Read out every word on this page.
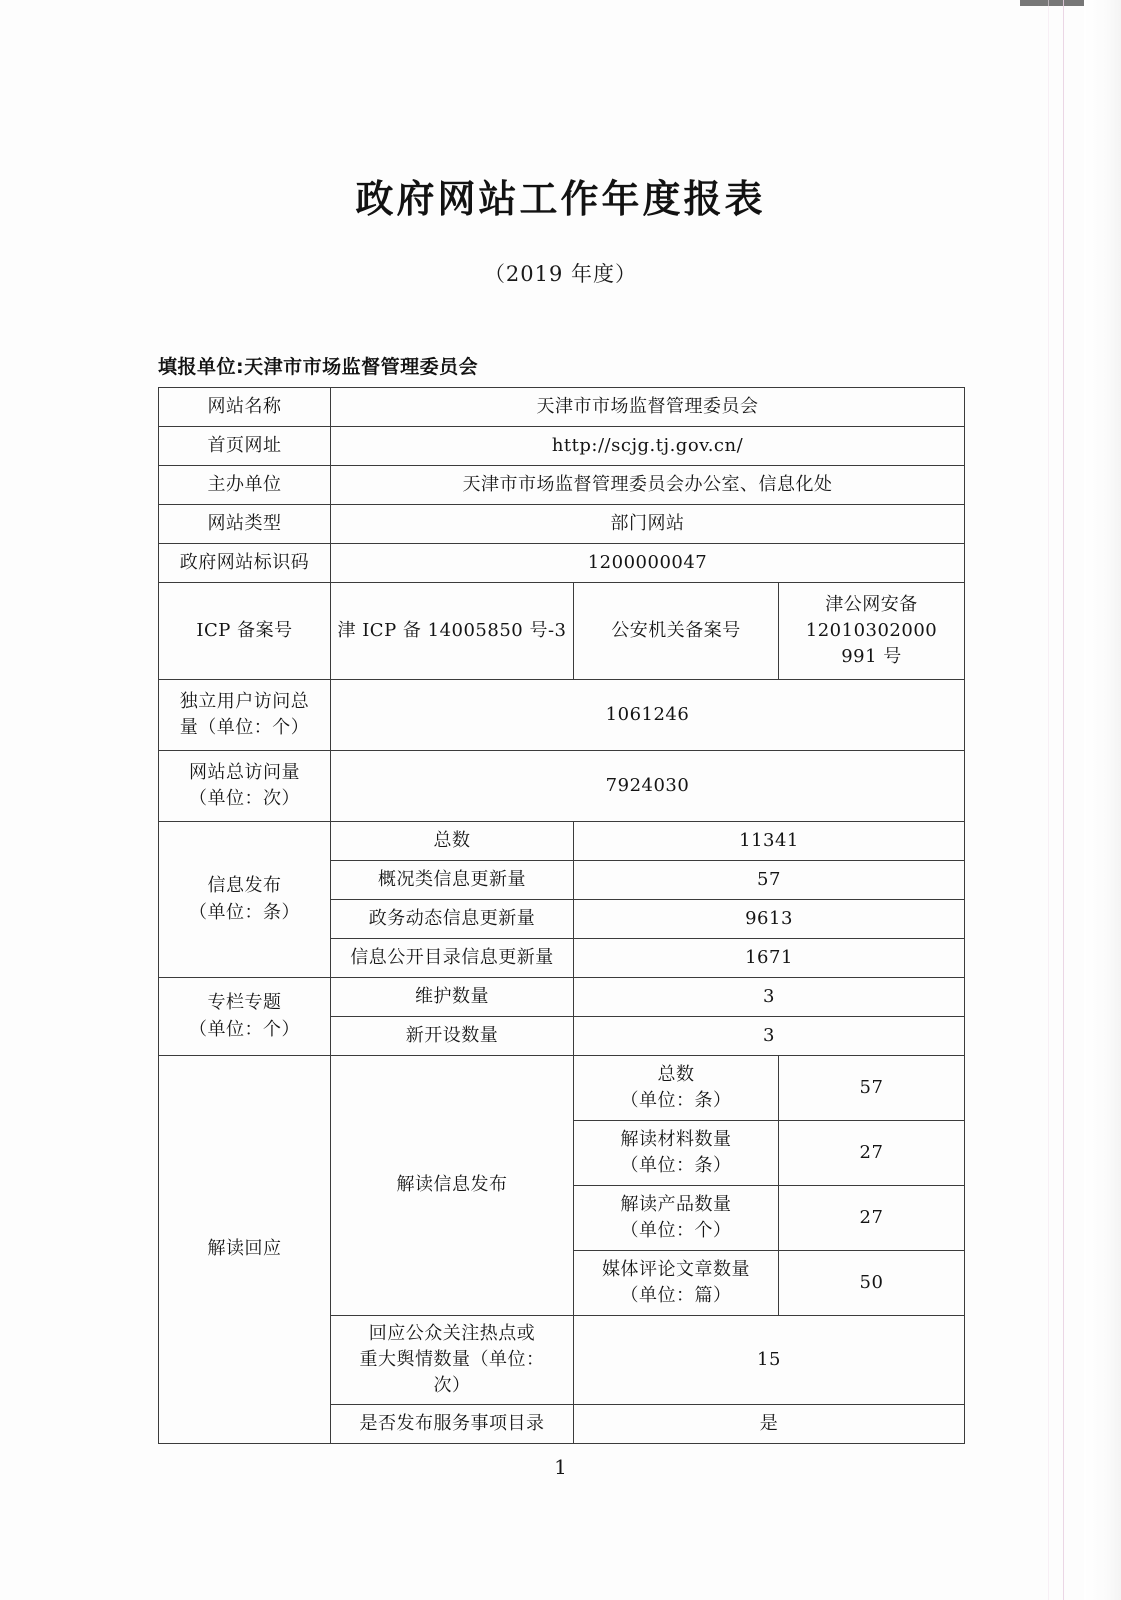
政府网站工作年度报表
（2019 年度）
填报单位:天津市市场监督管理委员会
网站名称	天津市市场监督管理委员会		
首页网址	http://scjg.tj.gov.cn/		
主办单位	天津市市场监督管理委员会办公室、信息化处		
网站类型	部门网站		
政府网站标识码	1200000047		
ICP 备案号	津 ICP 备 14005850 号-3	公安机关备案号	津公网安备
12010302000
991 号

独立用户访问总
量（单位：个）	1061246		

网站总访问量
（单位：次）	7924030		

信息发布
（单位：条）	总数	11341	
	概况类信息更新量	57	
	政务动态信息更新量	9613	
	信息公开目录信息更新量	1671	

专栏专题
（单位：个）	维护数量	3	
	新开设数量	3	
解读回应	解读信息发布	总数
（单位：条）	57

		解读材料数量
（单位：条）	27

		解读产品数量
（单位：个）	27

		媒体评论文章数量
（单位：篇）	50

	回应公众关注热点或
重大舆情数量（单位：
次）	15	
	是否发布服务事项目录	是	
1
